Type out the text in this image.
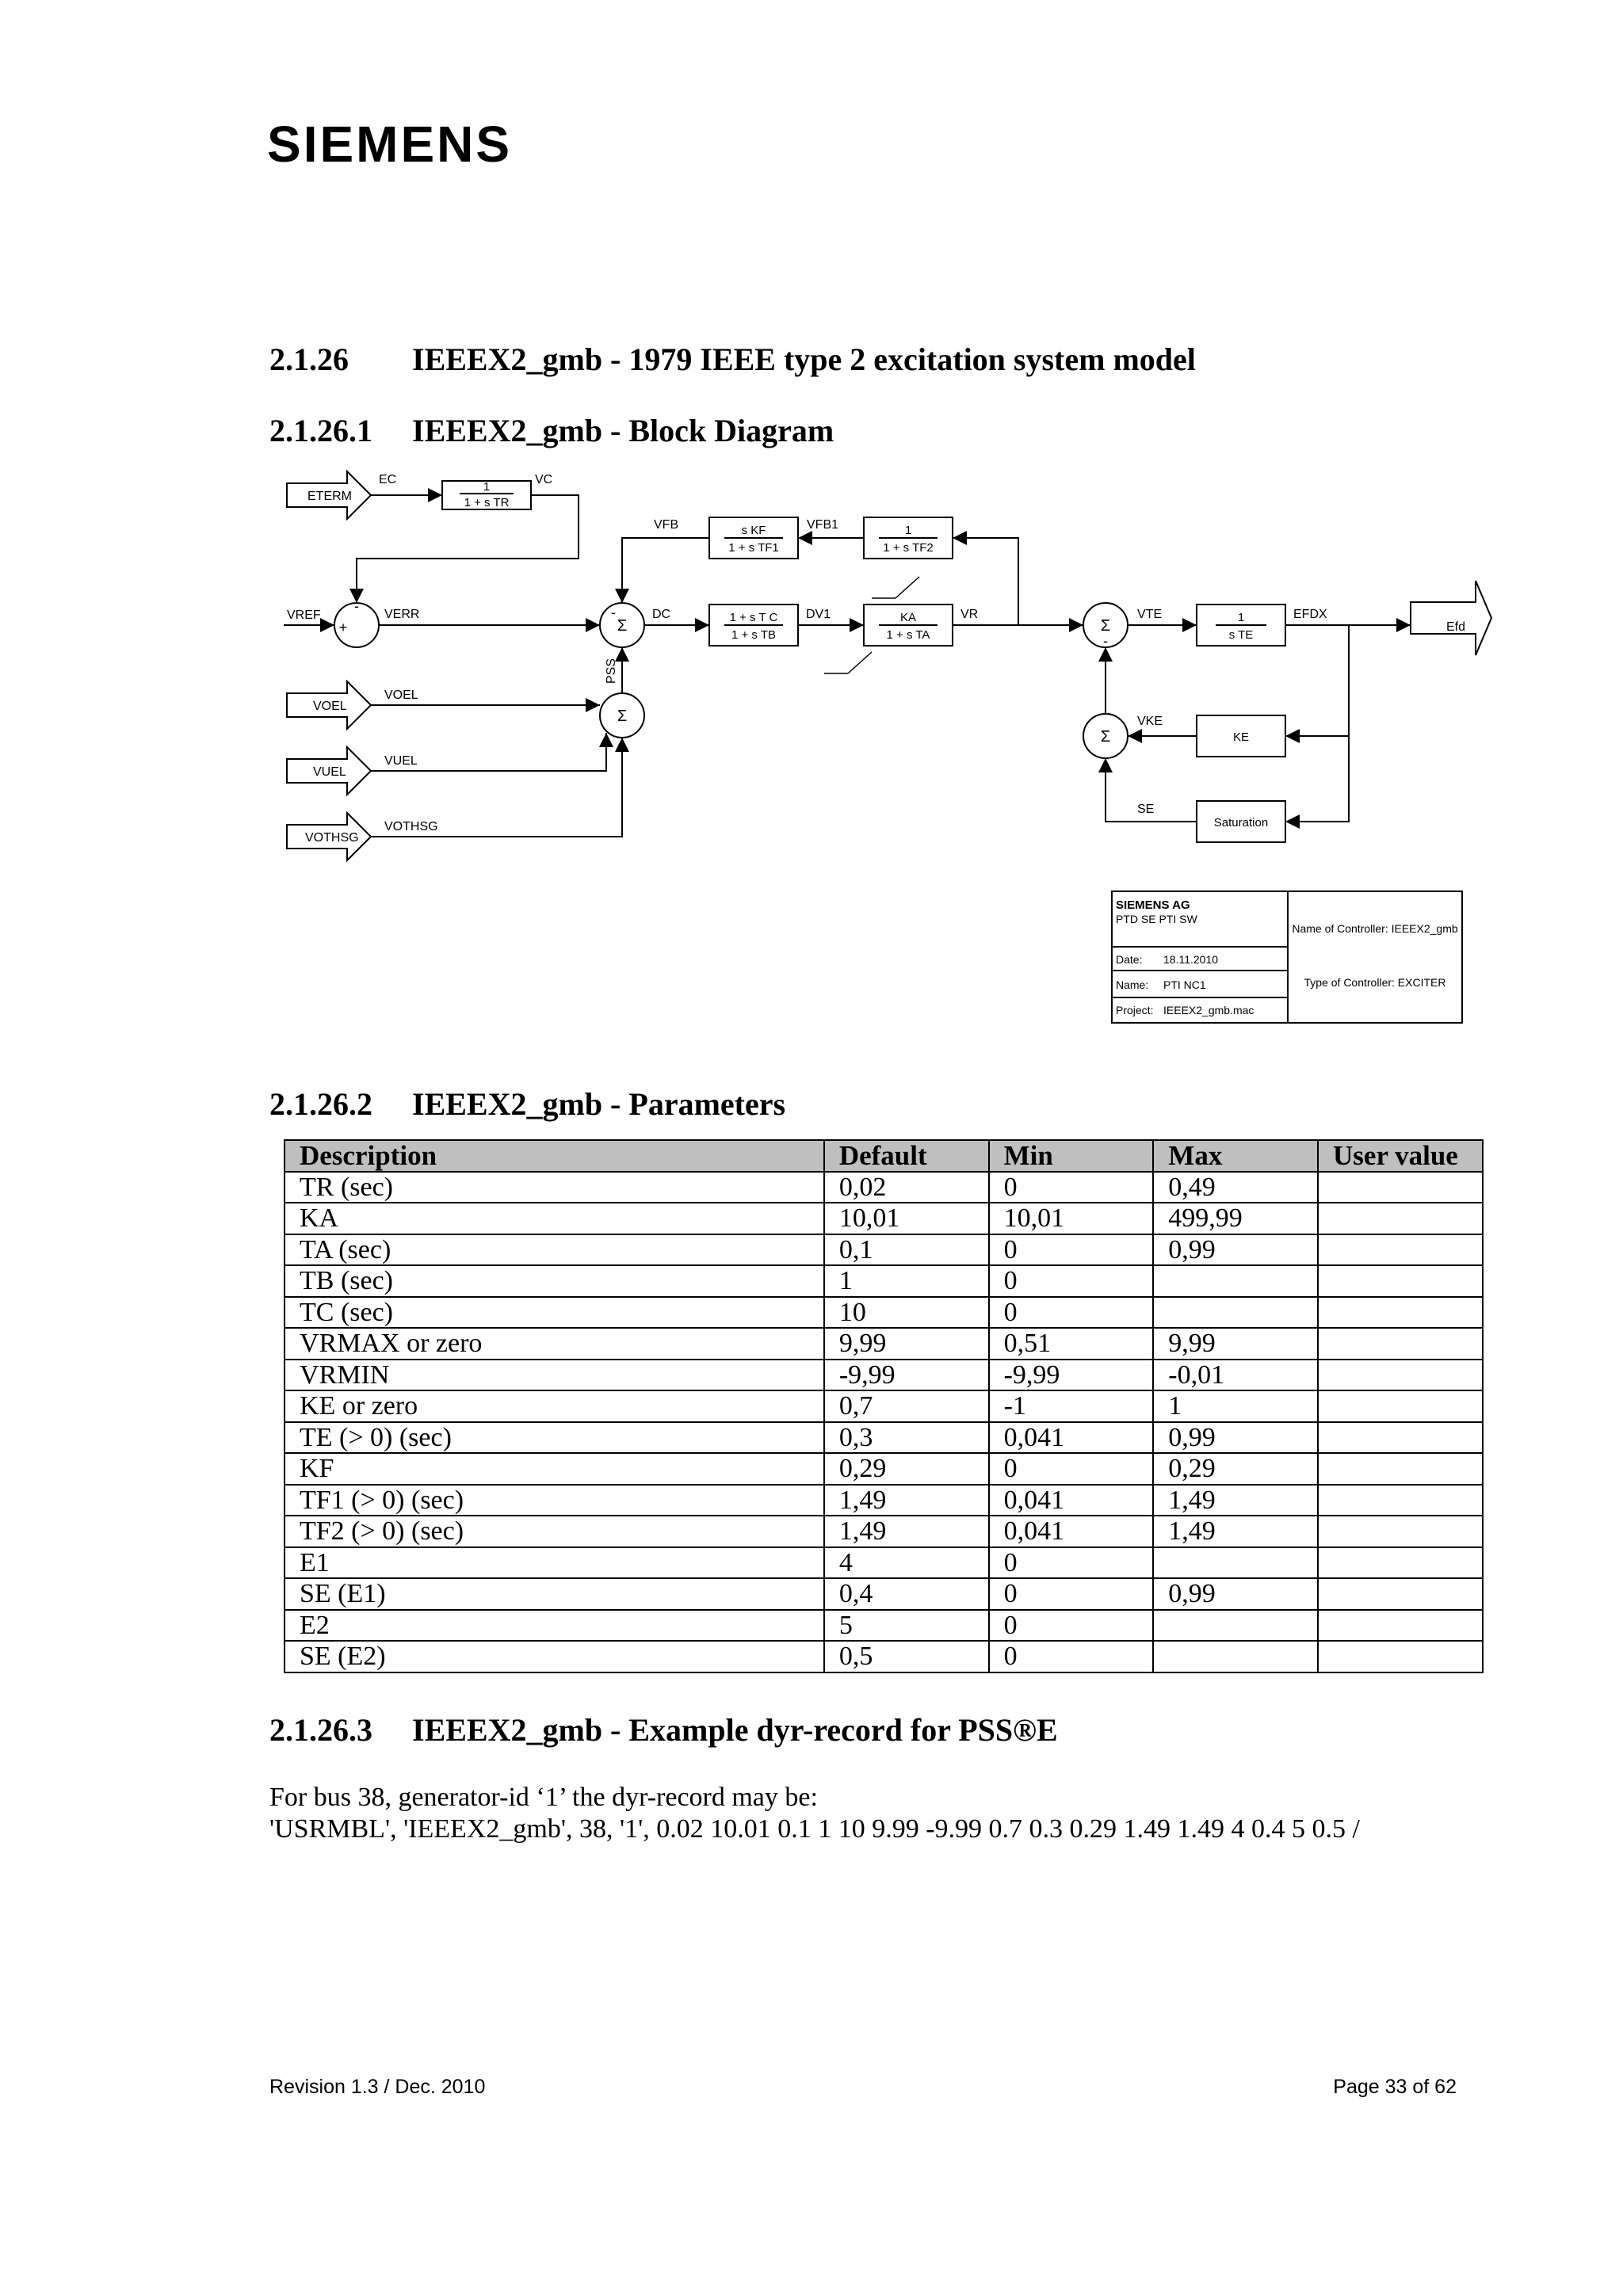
SIEMENS
2.1.26 IEEEX2_gmb - 1979 IEEE type 2 excitation system model
2.1.26.1 IEEEX2_gmb - Block Diagram
ETERM
VOEL
VUEL
VOTHSG
VREF
EC	VC
VERR
VFB	VFB1
DC	DV1	VR	VTE	EFDX
VKE
SE
VOEL
VUEL
VOTHSG
PSS
Efd
1
1 + s TR
s KF
1 + s TF1
1
1 + s TF2
1 + s T C
1 + s TB
KA
1 + s TA
1
s TE
KE
Saturation
Σ
Σ
Σ
Σ
-
+
-
-
SIEMENS AG
PTD SE PTI SW
Date: 18.11.2010
Name: PTI NC1
Project: IEEEX2_gmb.mac
Name of Controller: IEEEX2_gmb
Type of Controller: EXCITER
2.1.26.2 IEEEX2_gmb - Parameters
Description	Default	Min	Max	User value
TR (sec)	0,02	0	0,49	
KA	10,01	10,01	499,99	
TA (sec)	0,1	0	0,99	
TB (sec)	1	0		
TC (sec)	10	0		
VRMAX or zero	9,99	0,51	9,99	
VRMIN	-9,99	-9,99	-0,01	
KE or zero	0,7	-1	1	
TE (> 0) (sec)	0,3	0,041	0,99	
KF	0,29	0	0,29	
TF1 (> 0) (sec)	1,49	0,041	1,49	
TF2 (> 0) (sec)	1,49	0,041	1,49	
E1	4	0		
SE (E1)	0,4	0	0,99	
E2	5	0		
SE (E2)	0,5	0		
2.1.26.3 IEEEX2_gmb - Example dyr-record for PSS®E
For bus 38, generator-id ‘1’ the dyr-record may be:
'USRMBL', 'IEEEX2_gmb', 38, '1', 0.02 10.01 0.1 1 10 9.99 -9.99 0.7 0.3 0.29 1.49 1.49 4 0.4 5 0.5 /
Revision 1.3 / Dec. 2010	Page 33 of 62
